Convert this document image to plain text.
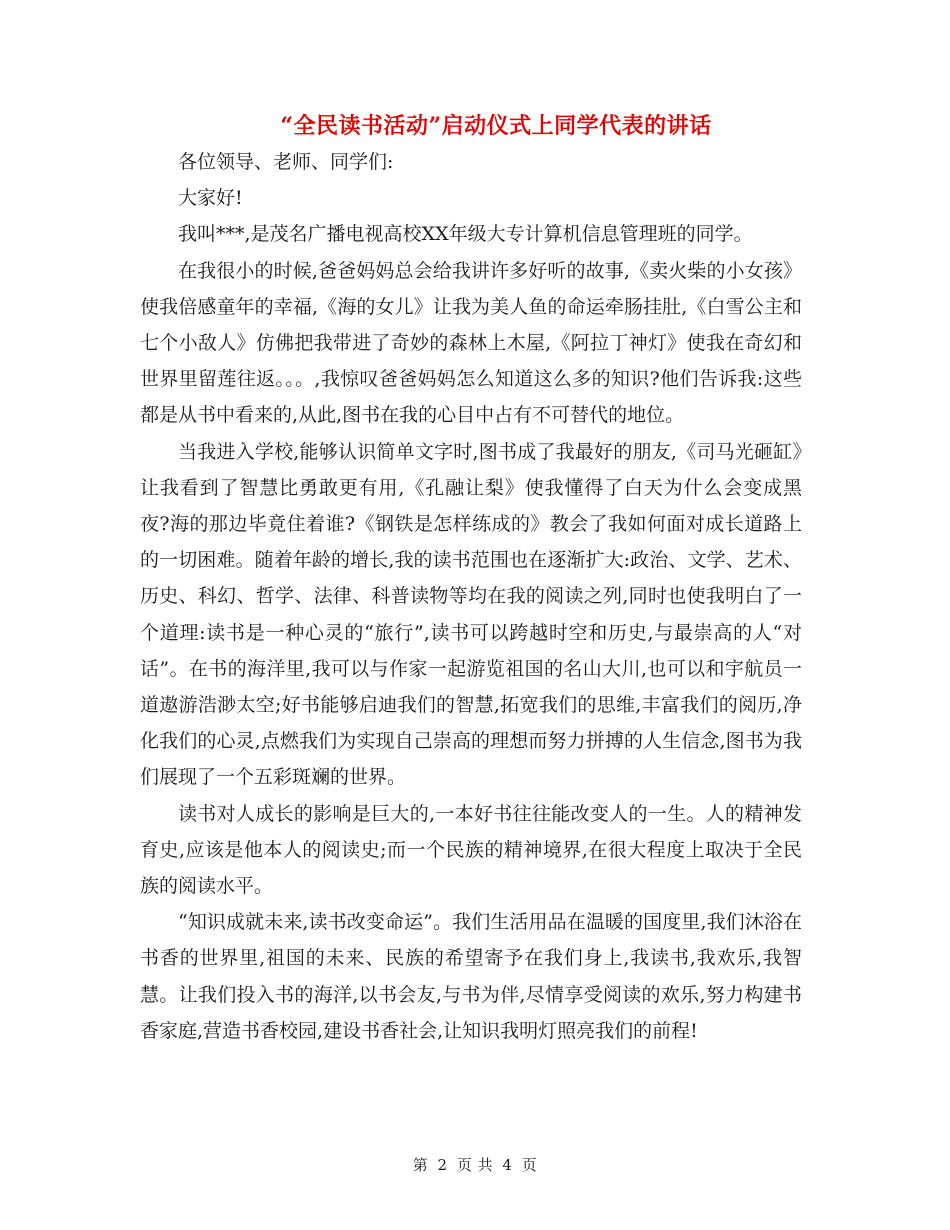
“全民读书活动”启动仪式上同学代表的讲话

各位领导、老师、同学们:

大家好!

我叫***,是茂名广播电视高校XX年级大专计算机信息管理班的同学。

在我很小的时候,爸爸妈妈总会给我讲许多好听的故事,《卖火柴的小女孩》使我倍感童年的幸福,《海的女儿》让我为美人鱼的命运牵肠挂肚,《白雪公主和七个小敌人》仿佛把我带进了奇妙的森林上木屋,《阿拉丁神灯》使我在奇幻和世界里留莲往返。。。,我惊叹爸爸妈妈怎么知道这么多的知识?他们告诉我:这些都是从书中看来的,从此,图书在我的心目中占有不可替代的地位。

当我进入学校,能够认识简单文字时,图书成了我最好的朋友,《司马光砸缸》让我看到了智慧比勇敢更有用,《孔融让梨》使我懂得了白天为什么会变成黑夜?海的那边毕竟住着谁?《钢铁是怎样练成的》教会了我如何面对成长道路上的一切困难。随着年龄的增长,我的读书范围也在逐渐扩大:政治、文学、艺术、历史、科幻、哲学、法律、科普读物等均在我的阅读之列,同时也使我明白了一个道理:读书是一种心灵的“旅行”,读书可以跨越时空和历史,与最崇高的人“对话”。在书的海洋里,我可以与作家一起游览祖国的名山大川,也可以和宇航员一道遨游浩渺太空;好书能够启迪我们的智慧,拓宽我们的思维,丰富我们的阅历,净化我们的心灵,点燃我们为实现自己崇高的理想而努力拼搏的人生信念,图书为我们展现了一个五彩斑斓的世界。

读书对人成长的影响是巨大的,一本好书往往能改变人的一生。人的精神发育史,应该是他本人的阅读史;而一个民族的精神境界,在很大程度上取决于全民族的阅读水平。

“知识成就未来,读书改变命运”。我们生活用品在温暖的国度里,我们沐浴在书香的世界里,祖国的未来、民族的希望寄予在我们身上,我读书,我欢乐,我智慧。让我们投入书的海洋,以书会友,与书为伴,尽情享受阅读的欢乐,努力构建书香家庭,营造书香校园,建设书香社会,让知识我明灯照亮我们的前程!

第 2 页 共 4 页
